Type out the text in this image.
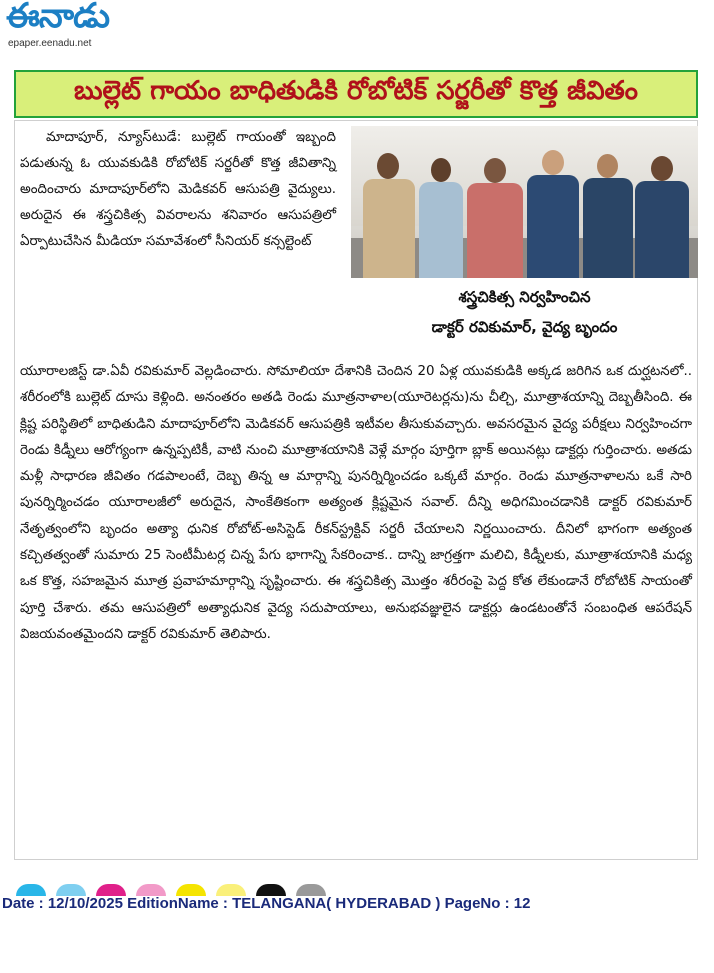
ఈనాడు
epaper.eenadu.net
బుల్లెట్ గాయం బాధితుడికి రోబోటిక్ సర్జరీతో కొత్త జీవితం

మాదాపూర్, న్యూస్‌టుడే: బుల్లెట్ గాయంతో ఇబ్బంది పడుతున్న ఓ యువకుడికి రోబోటిక్ సర్జరీతో కొత్త జీవితాన్ని అందించారు మాదాపూర్‌లోని మెడికవర్ ఆసుపత్రి వైద్యులు. అరుదైన ఈ శస్త్రచికిత్స వివరాలను శనివారం ఆసుపత్రిలో ఏర్పాటుచేసిన మీడియా సమావేశంలో సీనియర్ కన్సల్టెంట్

శస్త్రచికిత్స నిర్వహించిన
డాక్టర్ రవికుమార్, వైద్య బృందం

యూరాలజిస్ట్ డా.ఏవీ రవికుమార్ వెల్లడించారు. సోమాలియా దేశానికి చెందిన 20 ఏళ్ల యువకుడికి అక్కడ జరిగిన ఒక దుర్ఘటనలో.. శరీరంలోకి బుల్లెట్ దూసు కెళ్లింది. అనంతరం అతడి రెండు మూత్రనాళాల(యూరెటర్లను)ను చీల్చి, మూత్రాశయాన్ని దెబ్బతీసింది. ఈ క్లిష్ట పరిస్థితిలో బాధితుడిని మాదాపూర్‌లోని మెడికవర్ ఆసుపత్రికి ఇటీవల తీసుకువచ్చారు. అవసరమైన వైద్య పరీక్షలు నిర్వహించగా రెండు కిడ్నీలు ఆరోగ్యంగా ఉన్నప్పటికీ, వాటి నుంచి మూత్రాశయానికి వెళ్లే మార్గం పూర్తిగా బ్లాక్ అయినట్లు డాక్టర్లు గుర్తించారు. అతడు మళ్లీ సాధారణ జీవితం గడపాలంటే, దెబ్బ తిన్న ఆ మార్గాన్ని పునర్నిర్మించడం ఒక్కటే మార్గం. రెండు మూత్రనాళాలను ఒకే సారి పునర్నిర్మించడం యూరాలజీలో అరుదైన, సాంకేతికంగా అత్యంత క్లిష్టమైన సవాల్. దీన్ని అధిగమించడానికి డాక్టర్ రవికుమార్ నేతృత్వంలోని బృందం అత్యా ధునిక రోబోట్-అసిస్టెడ్ రీకన్‌స్ట్రక్టివ్ సర్జరీ చేయాలని నిర్ణయించారు. దీనిలో భాగంగా అత్యంత కచ్చితత్వంతో సుమారు 25 సెంటీమీటర్ల చిన్న పేగు భాగాన్ని సేకరించాక.. దాన్ని జాగ్రత్తగా మలిచి, కిడ్నీలకు, మూత్రాశయానికి మధ్య ఒక కొత్త, సహజమైన మూత్ర ప్రవాహమార్గాన్ని సృష్టించారు. ఈ శస్త్రచికిత్స మొత్తం శరీరంపై పెద్ద కోత లేకుండానే రోబోటిక్ సాయంతో పూర్తి చేశారు. తమ ఆసుపత్రిలో అత్యాధునిక వైద్య సదుపాయాలు, అనుభవజ్ఞులైన డాక్టర్లు ఉండటంతోనే సంబంధిత ఆపరేషన్ విజయవంతమైందని డాక్టర్ రవికుమార్ తెలిపారు.

Date : 12/10/2025 EditionName : TELANGANA( HYDERABAD ) PageNo : 12
